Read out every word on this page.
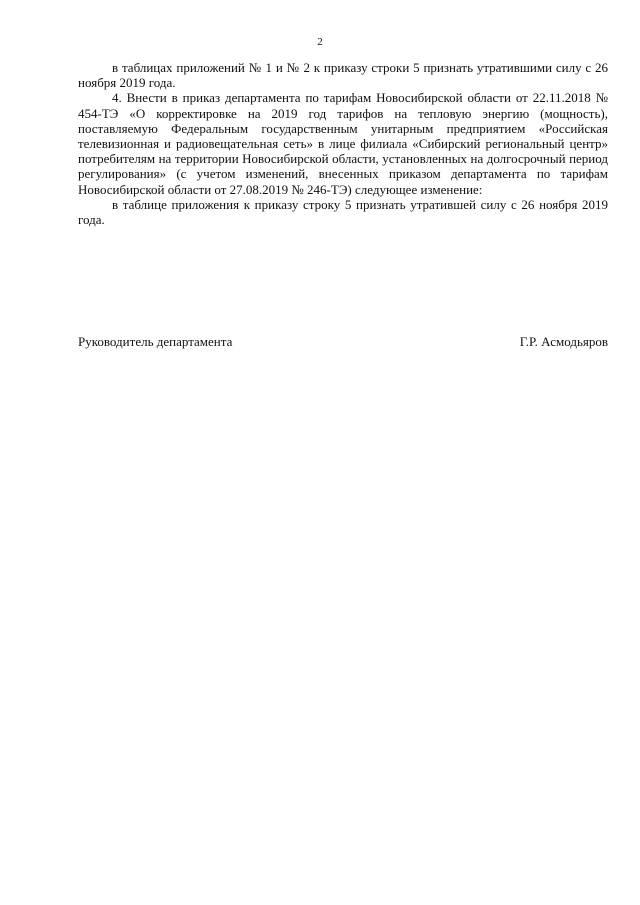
2

в таблицах приложений № 1 и № 2 к приказу строки 5 признать утратившими силу с 26 ноября 2019 года.

4. Внести в приказ департамента по тарифам Новосибирской области от 22.11.2018 № 454-ТЭ «О корректировке на 2019 год тарифов на тепловую энергию (мощность), поставляемую Федеральным государственным унитарным предприятием «Российская телевизионная и радиовещательная сеть» в лице филиала «Сибирский региональный центр» потребителям на территории Новосибирской области, установленных на долгосрочный период регулирования» (с учетом изменений, внесенных приказом департамента по тарифам Новосибирской области от 27.08.2019 № 246-ТЭ) следующее изменение:

в таблице приложения к приказу строку 5 признать утратившей силу с 26 ноября 2019 года.

Руководитель департамента	Г.Р. Асмодьяров
